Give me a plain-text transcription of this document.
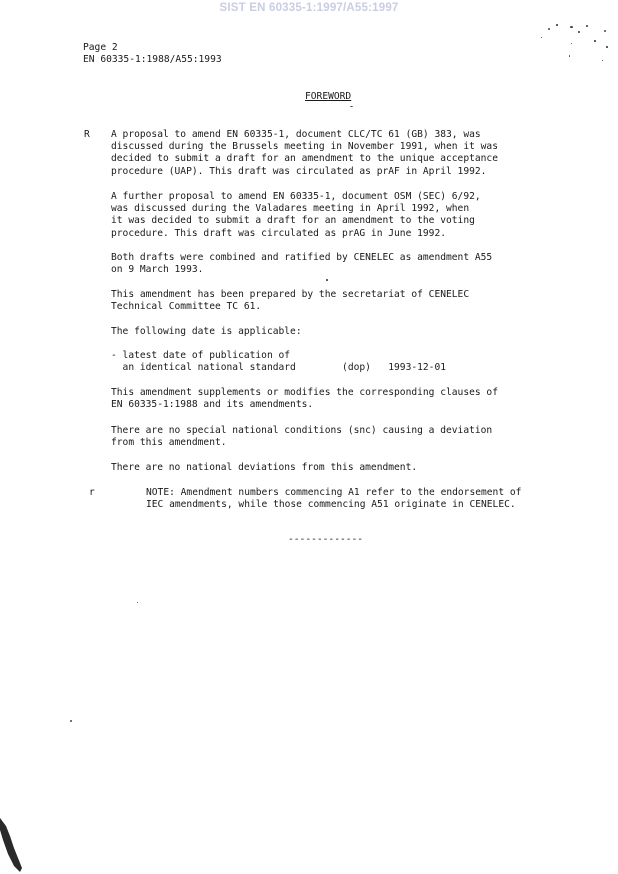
SIST EN 60335-1:1997/A55:1997
Page 2
EN 60335-1:1988/A55:1993
FOREWORD
R
r
A proposal to amend EN 60335-1, document CLC/TC 61 (GB) 383, was
discussed during the Brussels meeting in November 1991, when it was
decided to submit a draft for an amendment to the unique acceptance
procedure (UAP). This draft was circulated as prAF in April 1992.
A further proposal to amend EN 60335-1, document OSM (SEC) 6/92,
was discussed during the Valadares meeting in April 1992, when
it was decided to submit a draft for an amendment to the voting
procedure. This draft was circulated as prAG in June 1992.
Both drafts were combined and ratified by CENELEC as amendment A55
on 9 March 1993.
This amendment has been prepared by the secretariat of CENELEC
Technical Committee TC 61.
The following date is applicable:
- latest date of publication of
an identical national standard        (dop)   1993-12-01
This amendment supplements or modifies the corresponding clauses of
EN 60335-1:1988 and its amendments.
There are no special national conditions (snc) causing a deviation
from this amendment.
There are no national deviations from this amendment.
NOTE: Amendment numbers commencing A1 refer to the endorsement of
IEC amendments, while those commencing A51 originate in CENELEC.
-------------
